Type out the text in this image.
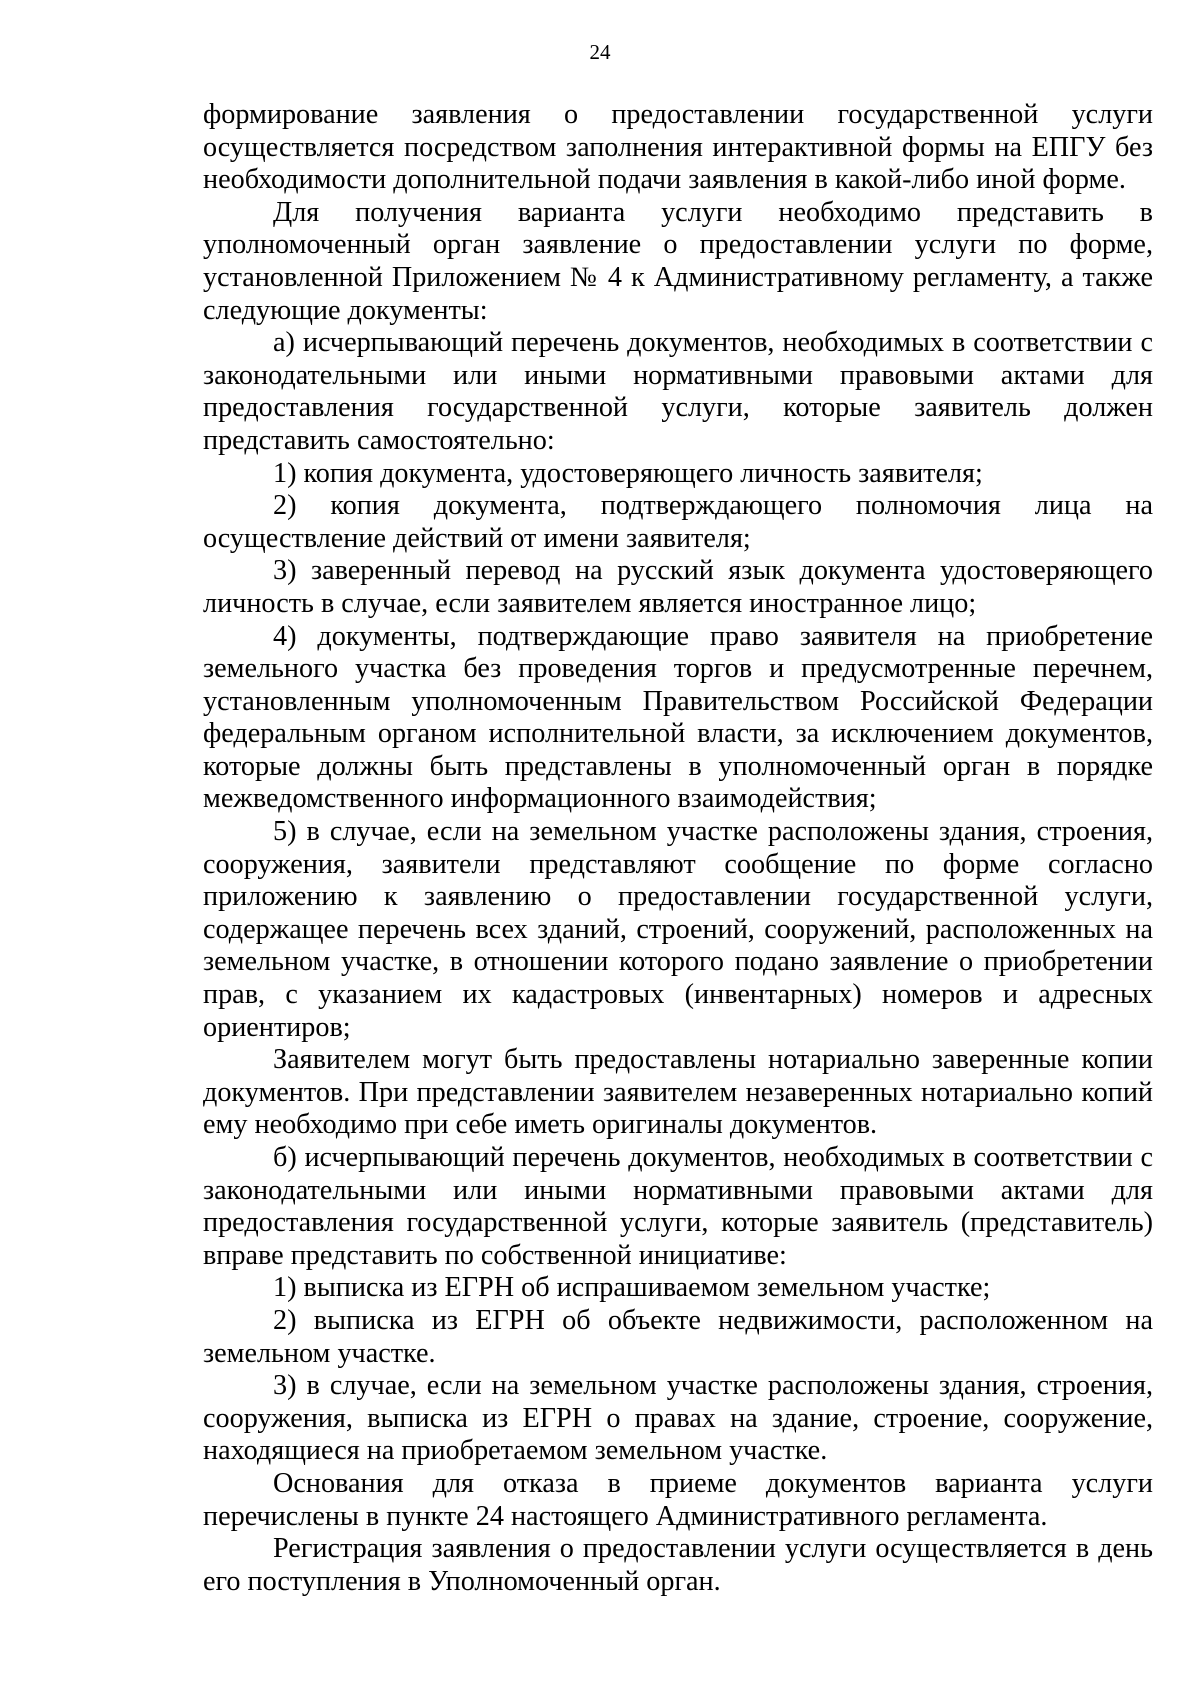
24

формирование заявления о предоставлении государственной услуги осуществляется посредством заполнения интерактивной формы на ЕПГУ без необходимости дополнительной подачи заявления в какой-либо иной форме.

Для получения варианта услуги необходимо представить в уполномоченный орган заявление о предоставлении услуги по форме, установленной Приложением № 4 к Административному регламенту, а также следующие документы:

а) исчерпывающий перечень документов, необходимых в соответствии с законодательными или иными нормативными правовыми актами для предоставления государственной услуги, которые заявитель должен представить самостоятельно:

1) копия документа, удостоверяющего личность заявителя;

2) копия документа, подтверждающего полномочия лица на осуществление действий от имени заявителя;

3) заверенный перевод на русский язык документа удостоверяющего личность в случае, если заявителем является иностранное лицо;

4) документы, подтверждающие право заявителя на приобретение земельного участка без проведения торгов и предусмотренные перечнем, установленным уполномоченным Правительством Российской Федерации федеральным органом исполнительной власти, за исключением документов, которые должны быть представлены в уполномоченный орган в порядке межведомственного информационного взаимодействия;

5) в случае, если на земельном участке расположены здания, строения, сооружения, заявители представляют сообщение по форме согласно приложению к заявлению о предоставлении государственной услуги, содержащее перечень всех зданий, строений, сооружений, расположенных на земельном участке, в отношении которого подано заявление о приобретении прав, с указанием их кадастровых (инвентарных) номеров и адресных ориентиров;

Заявителем могут быть предоставлены нотариально заверенные копии документов. При представлении заявителем незаверенных нотариально копий ему необходимо при себе иметь оригиналы документов.

б) исчерпывающий перечень документов, необходимых в соответствии с законодательными или иными нормативными правовыми актами для предоставления государственной услуги, которые заявитель (представитель) вправе представить по собственной инициативе:

1) выписка из ЕГРН об испрашиваемом земельном участке;

2) выписка из ЕГРН об объекте недвижимости, расположенном на земельном участке.

3) в случае, если на земельном участке расположены здания, строения, сооружения, выписка из ЕГРН о правах на здание, строение, сооружение, находящиеся на приобретаемом земельном участке.

Основания для отказа в приеме документов варианта услуги перечислены в пункте 24 настоящего Административного регламента.

Регистрация заявления о предоставлении услуги осуществляется в день его поступления в Уполномоченный орган.
